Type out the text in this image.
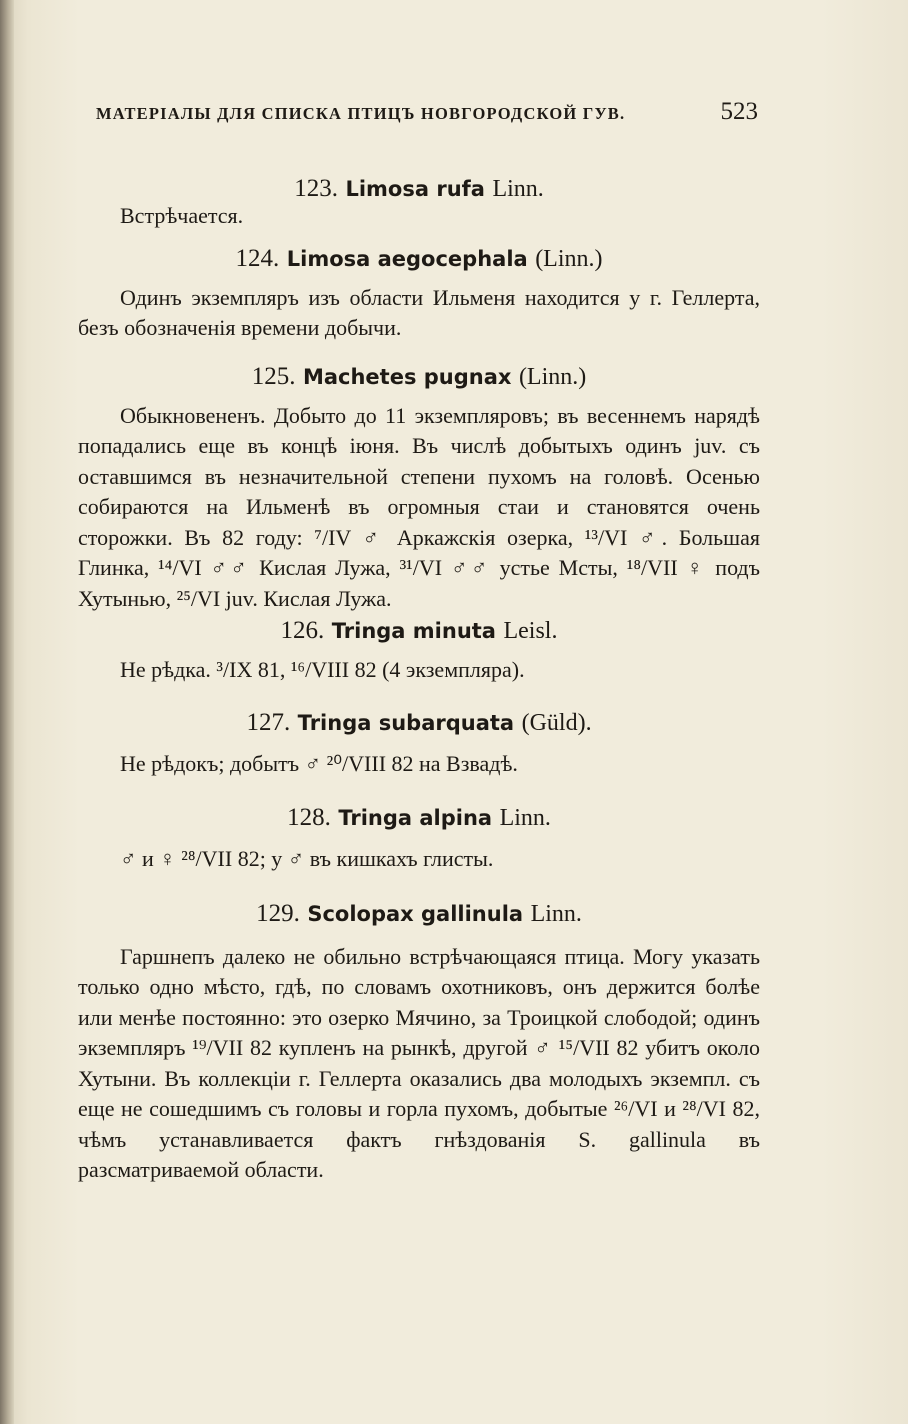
МАТЕРІАЛЫ ДЛЯ СПИСКА ПТИЦЪ НОВГОРОДСКОЙ ГУВ.	523

123. Limosa rufa Linn.

Встрѣчается.

124. Limosa aegocephala (Linn.)

Одинъ экземпляръ изъ области Ильменя находится у г. Геллерта, безъ обозначенія времени добычи.

125. Machetes pugnax (Linn.)

Обыкновененъ. Добыто до 11 экземпляровъ; въ весеннемъ нарядѣ попадались еще въ концѣ іюня. Въ числѣ добытыхъ одинъ juv. съ оставшимся въ незначительной степени пухомъ на головѣ. Осенью собираются на Ильменѣ въ огромныя стаи и становятся очень сторожки. Въ 82 году: ⁷/IV ♂ Аркажскія озерка, ¹³/VI ♂. Большая Глинка, ¹⁴/VI ♂♂ Кислая Лужа, ³¹/VI ♂♂ устье Мсты, ¹⁸/VII ♀ подъ Хутынью, ²⁵/VI juv. Кислая Лужа.

126. Tringa minuta Leisl.

Не рѣдка. ³/IX 81, ¹⁶/VIII 82 (4 экземпляра).

127. Tringa subarquata (Güld).

Не рѣдокъ; добытъ ♂ ²⁰/VIII 82 на Взвадѣ.

128. Tringa alpina Linn.

♂ и ♀ ²⁸/VII 82; у ♂ въ кишкахъ глисты.

129. Scolopax gallinula Linn.

Гаршнепъ далеко не обильно встрѣчающаяся птица. Могу указать только одно мѣсто, гдѣ, по словамъ охотниковъ, онъ держится болѣе или менѣе постоянно: это озерко Мячино, за Троицкой слободой; одинъ экземпляръ ¹⁹/VII 82 купленъ на рынкѣ, другой ♂ ¹⁵/VII 82 убитъ около Хутыни. Въ коллекціи г. Геллерта оказались два молодыхъ экземпл. съ еще не сошедшимъ съ головы и горла пухомъ, добытые ²⁶/VI и ²⁸/VI 82, чѣмъ устанавливается фактъ гнѣздованія S. gallinula въ разсматриваемой области.
